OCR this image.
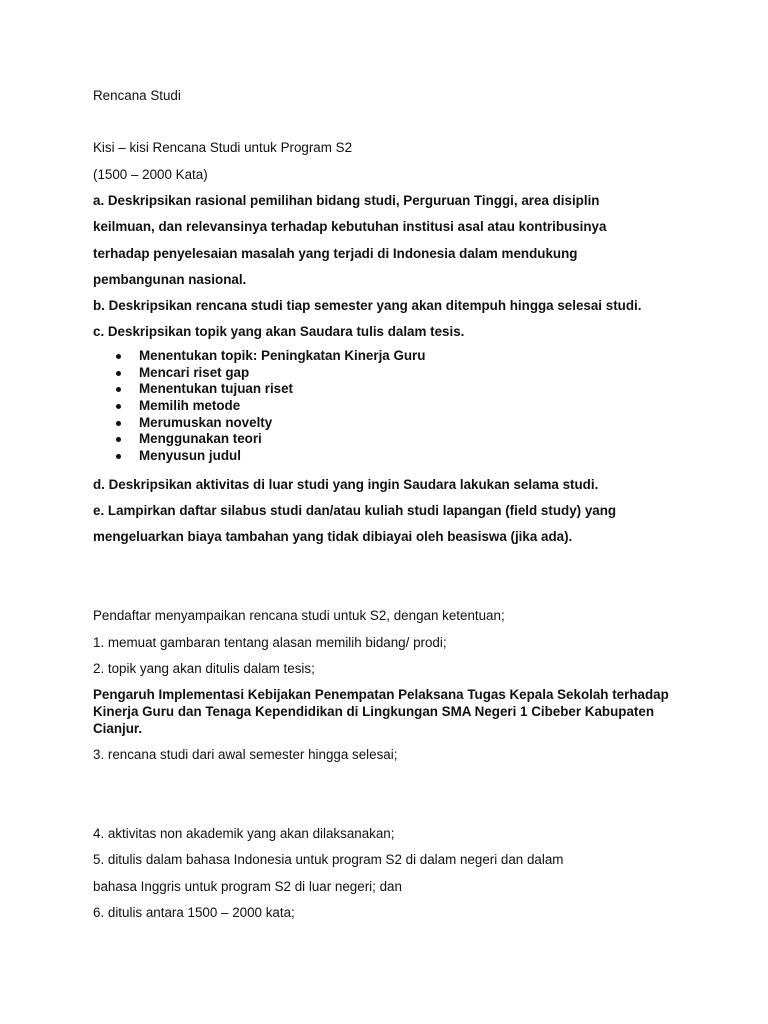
Rencana Studi

Kisi – kisi Rencana Studi untuk Program S2

(1500 – 2000 Kata)

a. Deskripsikan rasional pemilihan bidang studi, Perguruan Tinggi, area disiplin

keilmuan, dan relevansinya terhadap kebutuhan institusi asal atau kontribusinya

terhadap penyelesaian masalah yang terjadi di Indonesia dalam mendukung

pembangunan nasional.

b. Deskripsikan rencana studi tiap semester yang akan ditempuh hingga selesai studi.

c. Deskripsikan topik yang akan Saudara tulis dalam tesis.

Menentukan topik: Peningkatan Kinerja Guru
Mencari riset gap
Menentukan tujuan riset
Memilih metode
Merumuskan novelty
Menggunakan teori
Menyusun judul

d. Deskripsikan aktivitas di luar studi yang ingin Saudara lakukan selama studi.

e. Lampirkan daftar silabus studi dan/atau kuliah studi lapangan (field study) yang

mengeluarkan biaya tambahan yang tidak dibiayai oleh beasiswa (jika ada).

Pendaftar menyampaikan rencana studi untuk S2, dengan ketentuan;

1. memuat gambaran tentang alasan memilih bidang/ prodi;

2. topik yang akan ditulis dalam tesis;

Pengaruh Implementasi Kebijakan Penempatan Pelaksana Tugas Kepala Sekolah terhadap Kinerja Guru dan Tenaga Kependidikan di Lingkungan SMA Negeri 1 Cibeber Kabupaten Cianjur.

3. rencana studi dari awal semester hingga selesai;

4. aktivitas non akademik yang akan dilaksanakan;

5. ditulis dalam bahasa Indonesia untuk program S2 di dalam negeri dan dalam

bahasa Inggris untuk program S2 di luar negeri; dan

6. ditulis antara 1500 – 2000 kata;
